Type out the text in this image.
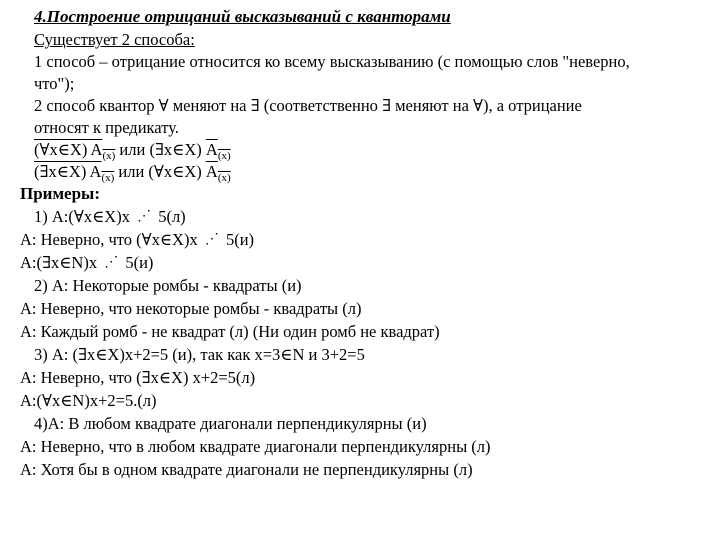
4.Построение отрицаний высказываний с кванторами
Существует 2 способа:
1 способ – отрицание относится ко всему высказыванию (с помощью слов "неверно,
что");
2 способ квантор ∀ меняют на ∃ (соответственно ∃ меняют на ∀), а отрицание
относят к предикату.
(∀x∈X) $A_{(x)}$ или (∃x∈X) $A_{(x)}$
(∃x∈X) $A_{(x)}$ или (∀x∈X) $A_{(x)}$
Примеры:
1) А:(∀x∈X)x ⋰ 5(л)
А: Неверно, что (∀x∈X)x ⋰ 5(и)
А:(∃x∈N)x ⋰ 5(и)
2) А: Некоторые ромбы - квадраты (и)
А: Неверно, что некоторые ромбы - квадраты (л)
А: Каждый ромб - не квадрат (л) (Ни один ромб не квадрат)
3) А: (∃x∈X)x+2=5 (и), так как x=3∈N и 3+2=5
А: Неверно, что (∃x∈X) x+2=5(л)
А:(∀x∈N)x+2=5.(л)
4)А: В любом квадрате диагонали перпендикулярны (и)
А: Неверно, что в любом квадрате диагонали перпендикулярны (л)
А: Хотя бы в одном квадрате диагонали не перпендикулярны (л)
